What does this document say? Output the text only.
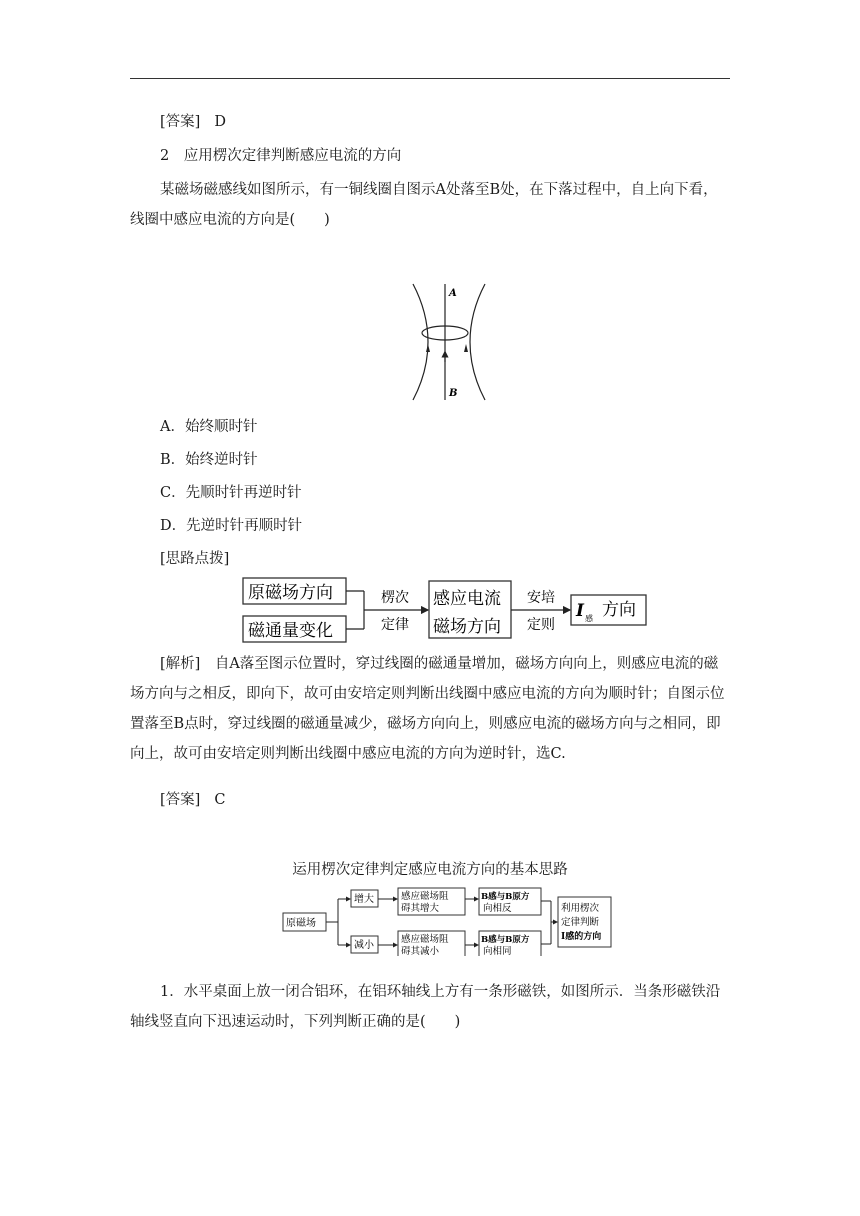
[答案] D
2　应用楞次定律判断感应电流的方向
某磁场磁感线如图所示，有一铜线圈自图示A处落至B处，在下落过程中，自上向下看，线圈中感应电流的方向是(　　)
A
B
A．始终顺时针
B．始终逆时针
C．先顺时针再逆时针
D．先逆时针再顺时针
[思路点拨]
原磁场方向
磁通量变化
楞次
定律
感应电流
磁场方向
安培
定则
I 感 方向
[解析]　 自A落至图示位置时，穿过线圈的磁通量增加，磁场方向向上，则感应电流的磁场方向与之相反，即向下，故可由安培定则判断出线圈中感应电流的方向为顺时针；自图示位置落至B点时，穿过线圈的磁通量减少，磁场方向向上，则感应电流的磁场方向与之相同，即向上，故可由安培定则判断出线圈中感应电流的方向为逆时针，选C.
[答案] C
运用楞次定律判定感应电流方向的基本思路
原磁场
增大
减小
感应磁场阻
碍其增大
感应磁场阻
碍其减小
B感与B原方
向相反
B感与B原方
向相同
利用楞次
定律判断
I感的方向
1．水平桌面上放一闭合铝环，在铝环轴线上方有一条形磁铁，如图所示．当条形磁铁沿轴线竖直向下迅速运动时，下列判断正确的是(　　)
